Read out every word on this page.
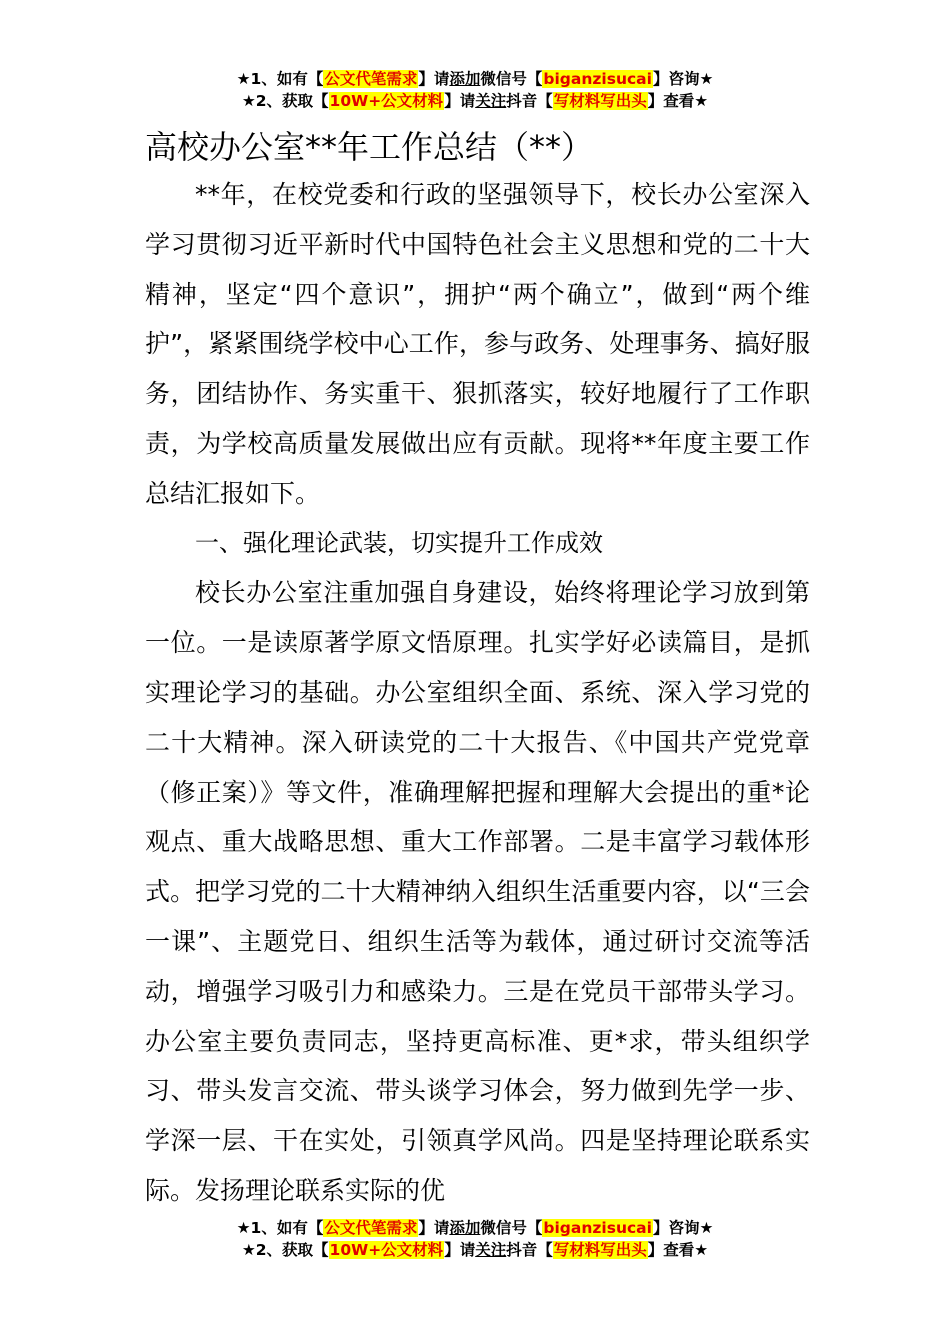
★1、如有【公文代笔需求】请添加微信号【biganzisucai】咨询★
★2、获取【10W+公文材料】请关注抖音【写材料写出头】查看★
高校办公室**年工作总结（**）

**年，在校党委和行政的坚强领导下，校长办公室深入学习贯彻习近平新时代中国特色社会主义思想和党的二十大精神，坚定“四个意识”，拥护“两个确立”，做到“两个维护”，紧紧围绕学校中心工作，参与政务、处理事务、搞好服务，团结协作、务实重干、狠抓落实，较好地履行了工作职责，为学校高质量发展做出应有贡献。现将**年度主要工作总结汇报如下。

一、强化理论武装，切实提升工作成效

校长办公室注重加强自身建设，始终将理论学习放到第一位。一是读原著学原文悟原理。扎实学好必读篇目，是抓实理论学习的基础。办公室组织全面、系统、深入学习党的二十大精神。深入研读党的二十大报告、《中国共产党党章（修正案）》等文件，准确理解把握和理解大会提出的重*论观点、重大战略思想、重大工作部署。二是丰富学习载体形式。把学习党的二十大精神纳入组织生活重要内容，以“三会一课”、主题党日、组织生活等为载体，通过研讨交流等活动，增强学习吸引力和感染力。三是在党员干部带头学习。办公室主要负责同志，坚持更高标准、更*求，带头组织学习、带头发言交流、带头谈学习体会，努力做到先学一步、学深一层、干在实处，引领真学风尚。四是坚持理论联系实际。发扬理论联系实际的优

★1、如有【公文代笔需求】请添加微信号【biganzisucai】咨询★
★2、获取【10W+公文材料】请关注抖音【写材料写出头】查看★
